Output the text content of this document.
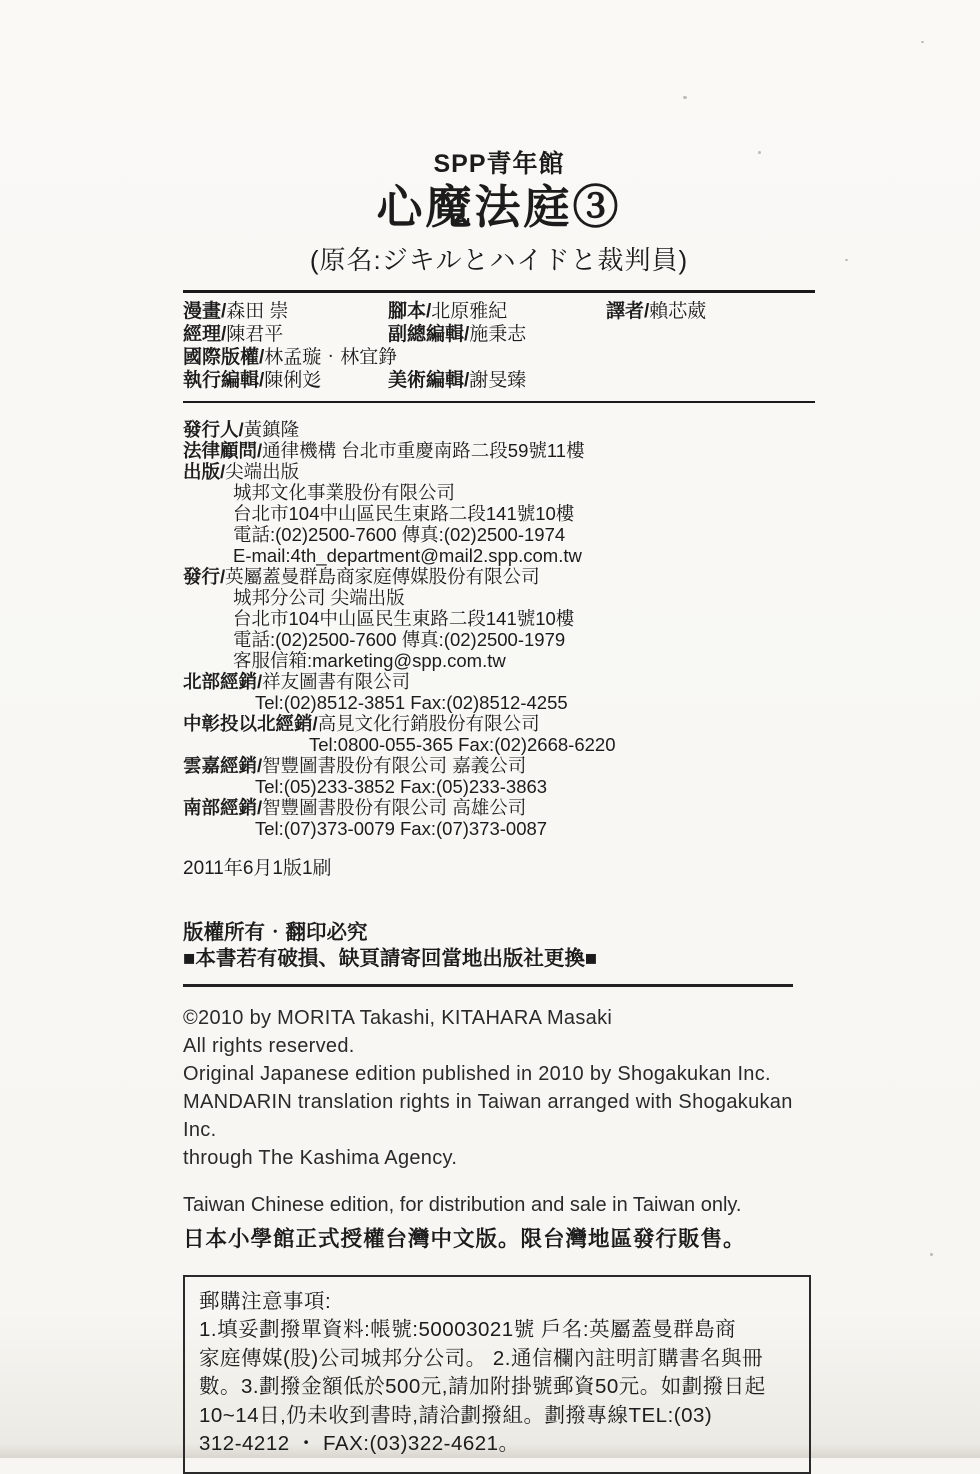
SPP青年館
心魔法庭③
(原名:ジキルとハイドと裁判員)
漫畫/森田 崇	腳本/北原雅紀	譯者/賴芯葳
經理/陳君平	副總編輯/施秉志
國際版權/林孟璇‧林宜錚
執行編輯/陳俐彣	美術編輯/謝旻臻
發行人/黃鎮隆
法律顧問/通律機構 台北市重慶南路二段59號11樓
出版/尖端出版
城邦文化事業股份有限公司
台北市104中山區民生東路二段141號10樓
電話:(02)2500-7600 傳真:(02)2500-1974
E-mail:4th_department@mail2.spp.com.tw
發行/英屬蓋曼群島商家庭傳媒股份有限公司
城邦分公司 尖端出版
台北市104中山區民生東路二段141號10樓
電話:(02)2500-7600 傳真:(02)2500-1979
客服信箱:marketing@spp.com.tw
北部經銷/祥友圖書有限公司
Tel:(02)8512-3851 Fax:(02)8512-4255
中彰投以北經銷/高見文化行銷股份有限公司
Tel:0800-055-365 Fax:(02)2668-6220
雲嘉經銷/智豐圖書股份有限公司 嘉義公司
Tel:(05)233-3852 Fax:(05)233-3863
南部經銷/智豐圖書股份有限公司 高雄公司
Tel:(07)373-0079 Fax:(07)373-0087
2011年6月1版1刷
版權所有‧翻印必究
■本書若有破損、缺頁請寄回當地出版社更換■
©2010 by MORITA Takashi, KITAHARA Masaki
All rights reserved.
Original Japanese edition published in 2010 by Shogakukan Inc.
MANDARIN translation rights in Taiwan arranged with Shogakukan Inc.
through The Kashima Agency.
Taiwan Chinese edition, for distribution and sale in Taiwan only.
日本小學館正式授權台灣中文版。限台灣地區發行販售。
郵購注意事項:
1.填妥劃撥單資料:帳號:50003021號 戶名:英屬蓋曼群島商
家庭傳媒(股)公司城邦分公司。 2.通信欄內註明訂購書名與冊
數。3.劃撥金額低於500元,請加附掛號郵資50元。如劃撥日起
10~14日,仍未收到書時,請洽劃撥組。劃撥專線TEL:(03)
312-4212 ・ FAX:(03)322-4621。
